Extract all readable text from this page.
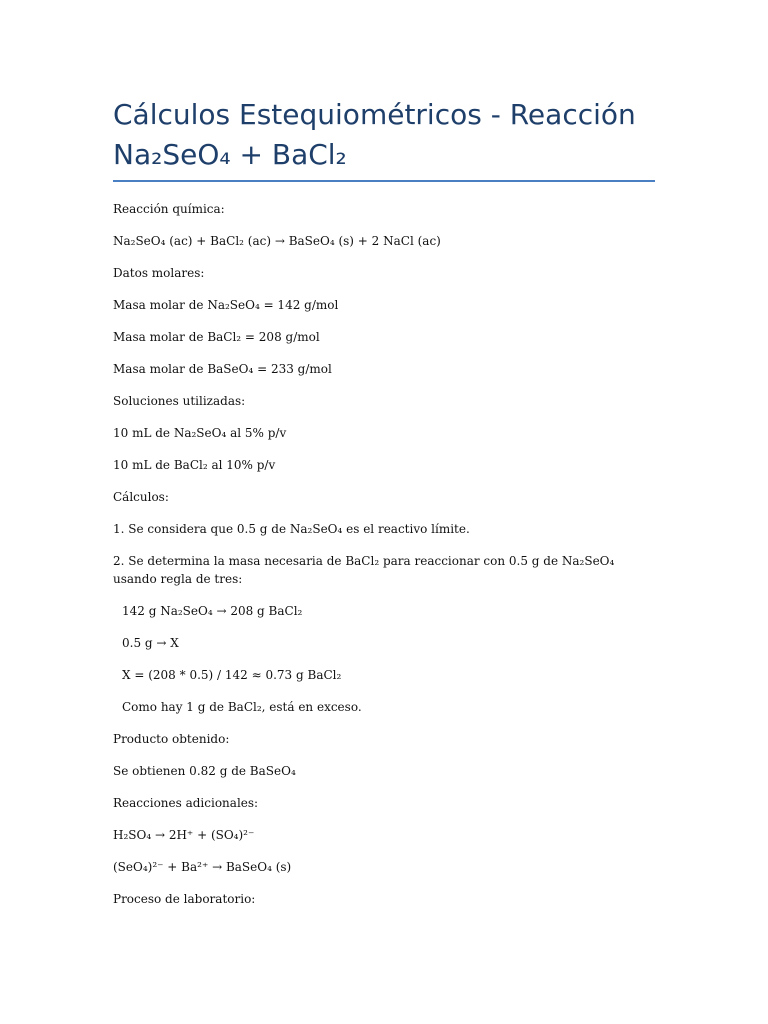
Cálculos Estequiométricos - Reacción Na₂SeO₄ + BaCl₂

Reacción química:

Na₂SeO₄ (ac) + BaCl₂ (ac) → BaSeO₄ (s) + 2 NaCl (ac)

Datos molares:

Masa molar de Na₂SeO₄ = 142 g/mol

Masa molar de BaCl₂ = 208 g/mol

Masa molar de BaSeO₄ = 233 g/mol

Soluciones utilizadas:

10 mL de Na₂SeO₄ al 5% p/v

10 mL de BaCl₂ al 10% p/v

Cálculos:

1. Se considera que 0.5 g de Na₂SeO₄ es el reactivo límite.

2. Se determina la masa necesaria de BaCl₂ para reaccionar con 0.5 g de Na₂SeO₄ usando regla de tres:

142 g Na₂SeO₄ → 208 g BaCl₂

0.5 g → X

X = (208 * 0.5) / 142 ≈ 0.73 g BaCl₂

Como hay 1 g de BaCl₂, está en exceso.

Producto obtenido:

Se obtienen 0.82 g de BaSeO₄

Reacciones adicionales:

H₂SO₄ → 2H⁺ + (SO₄)²⁻

(SeO₄)²⁻ + Ba²⁺ → BaSeO₄ (s)

Proceso de laboratorio:
